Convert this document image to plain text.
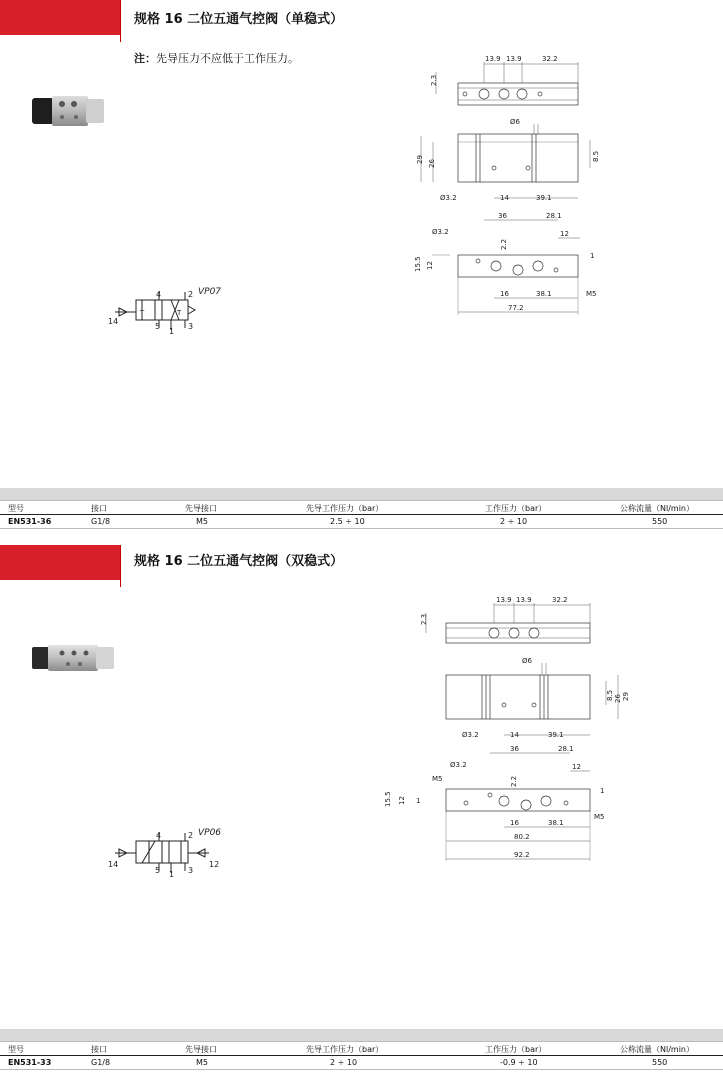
规格 16 二位五通气控阀（单稳式）
注：先导压力不应低于工作压力。
VP07
4	2
5
1
3
14
T	T
13.9 13.9	32.2
2.3
Ø6
29 26
8.5
Ø3.2	14	39.1
Ø3.2
36	28.1
12
2.2
15.5 12
1
16	38.1	M5
77.2
型号	接口	先导接口	先导工作压力（bar）	工作压力（bar）	公称流量（Nl/min）
EN531-36	G1/8	M5	2.5 ÷ 10	2 ÷ 10	550
规格 16 二位五通气控阀（双稳式）
VP06
4	2
5 1 3
14	12
13.9 13.9	32.2
2.3
Ø6
8.5 26 29
Ø3.2	14	39.1
Ø3.2
36	28.1
12
M5	2.2
15.5 12 1
1
M5
16	38.1
80.2
92.2
型号	接口	先导接口	先导工作压力（bar）	工作压力（bar）	公称流量（Nl/min）
EN531-33	G1/8	M5	2 ÷ 10	-0.9 ÷ 10	550
